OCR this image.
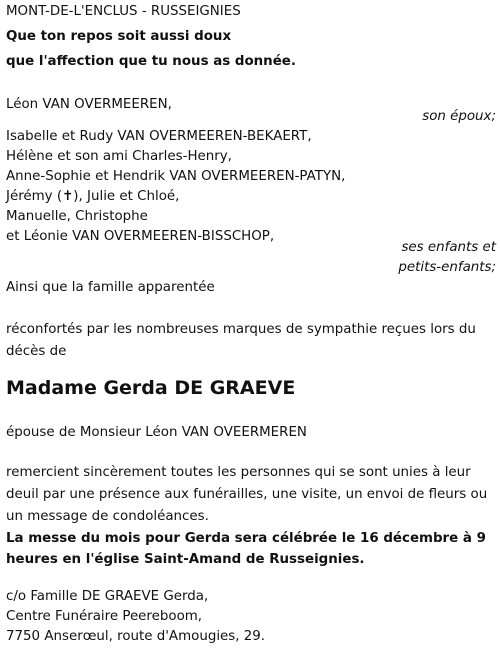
MONT-DE-L'ENCLUS - RUSSEIGNIES
Que ton repos soit aussi doux
que l'affection que tu nous as donnée.
Léon VAN OVERMEEREN,
son époux;
Isabelle et Rudy VAN OVERMEEREN-BEKAERT,
Hélène et son ami Charles-Henry,
Anne-Sophie et Hendrik VAN OVERMEEREN-PATYN,
Jérémy (✝), Julie et Chloé,
Manuelle, Christophe
et Léonie VAN OVERMEEREN-BISSCHOP,
ses enfants et
petits-enfants;
Ainsi que la famille apparentée
réconfortés par les nombreuses marques de sympathie reçues lors du décès de
Madame Gerda DE GRAEVE
épouse de Monsieur Léon VAN OVEERMEREN
remercient sincèrement toutes les personnes qui se sont unies à leur deuil par une présence aux funérailles, une visite, un envoi de fleurs ou un message de condoléances.
La messe du mois pour Gerda sera célébrée le 16 décembre à 9 heures en l'église Saint-Amand de Russeignies.
c/o Famille DE GRAEVE Gerda,
Centre Funéraire Peereboom,
7750 Anserœul, route d'Amougies, 29.
